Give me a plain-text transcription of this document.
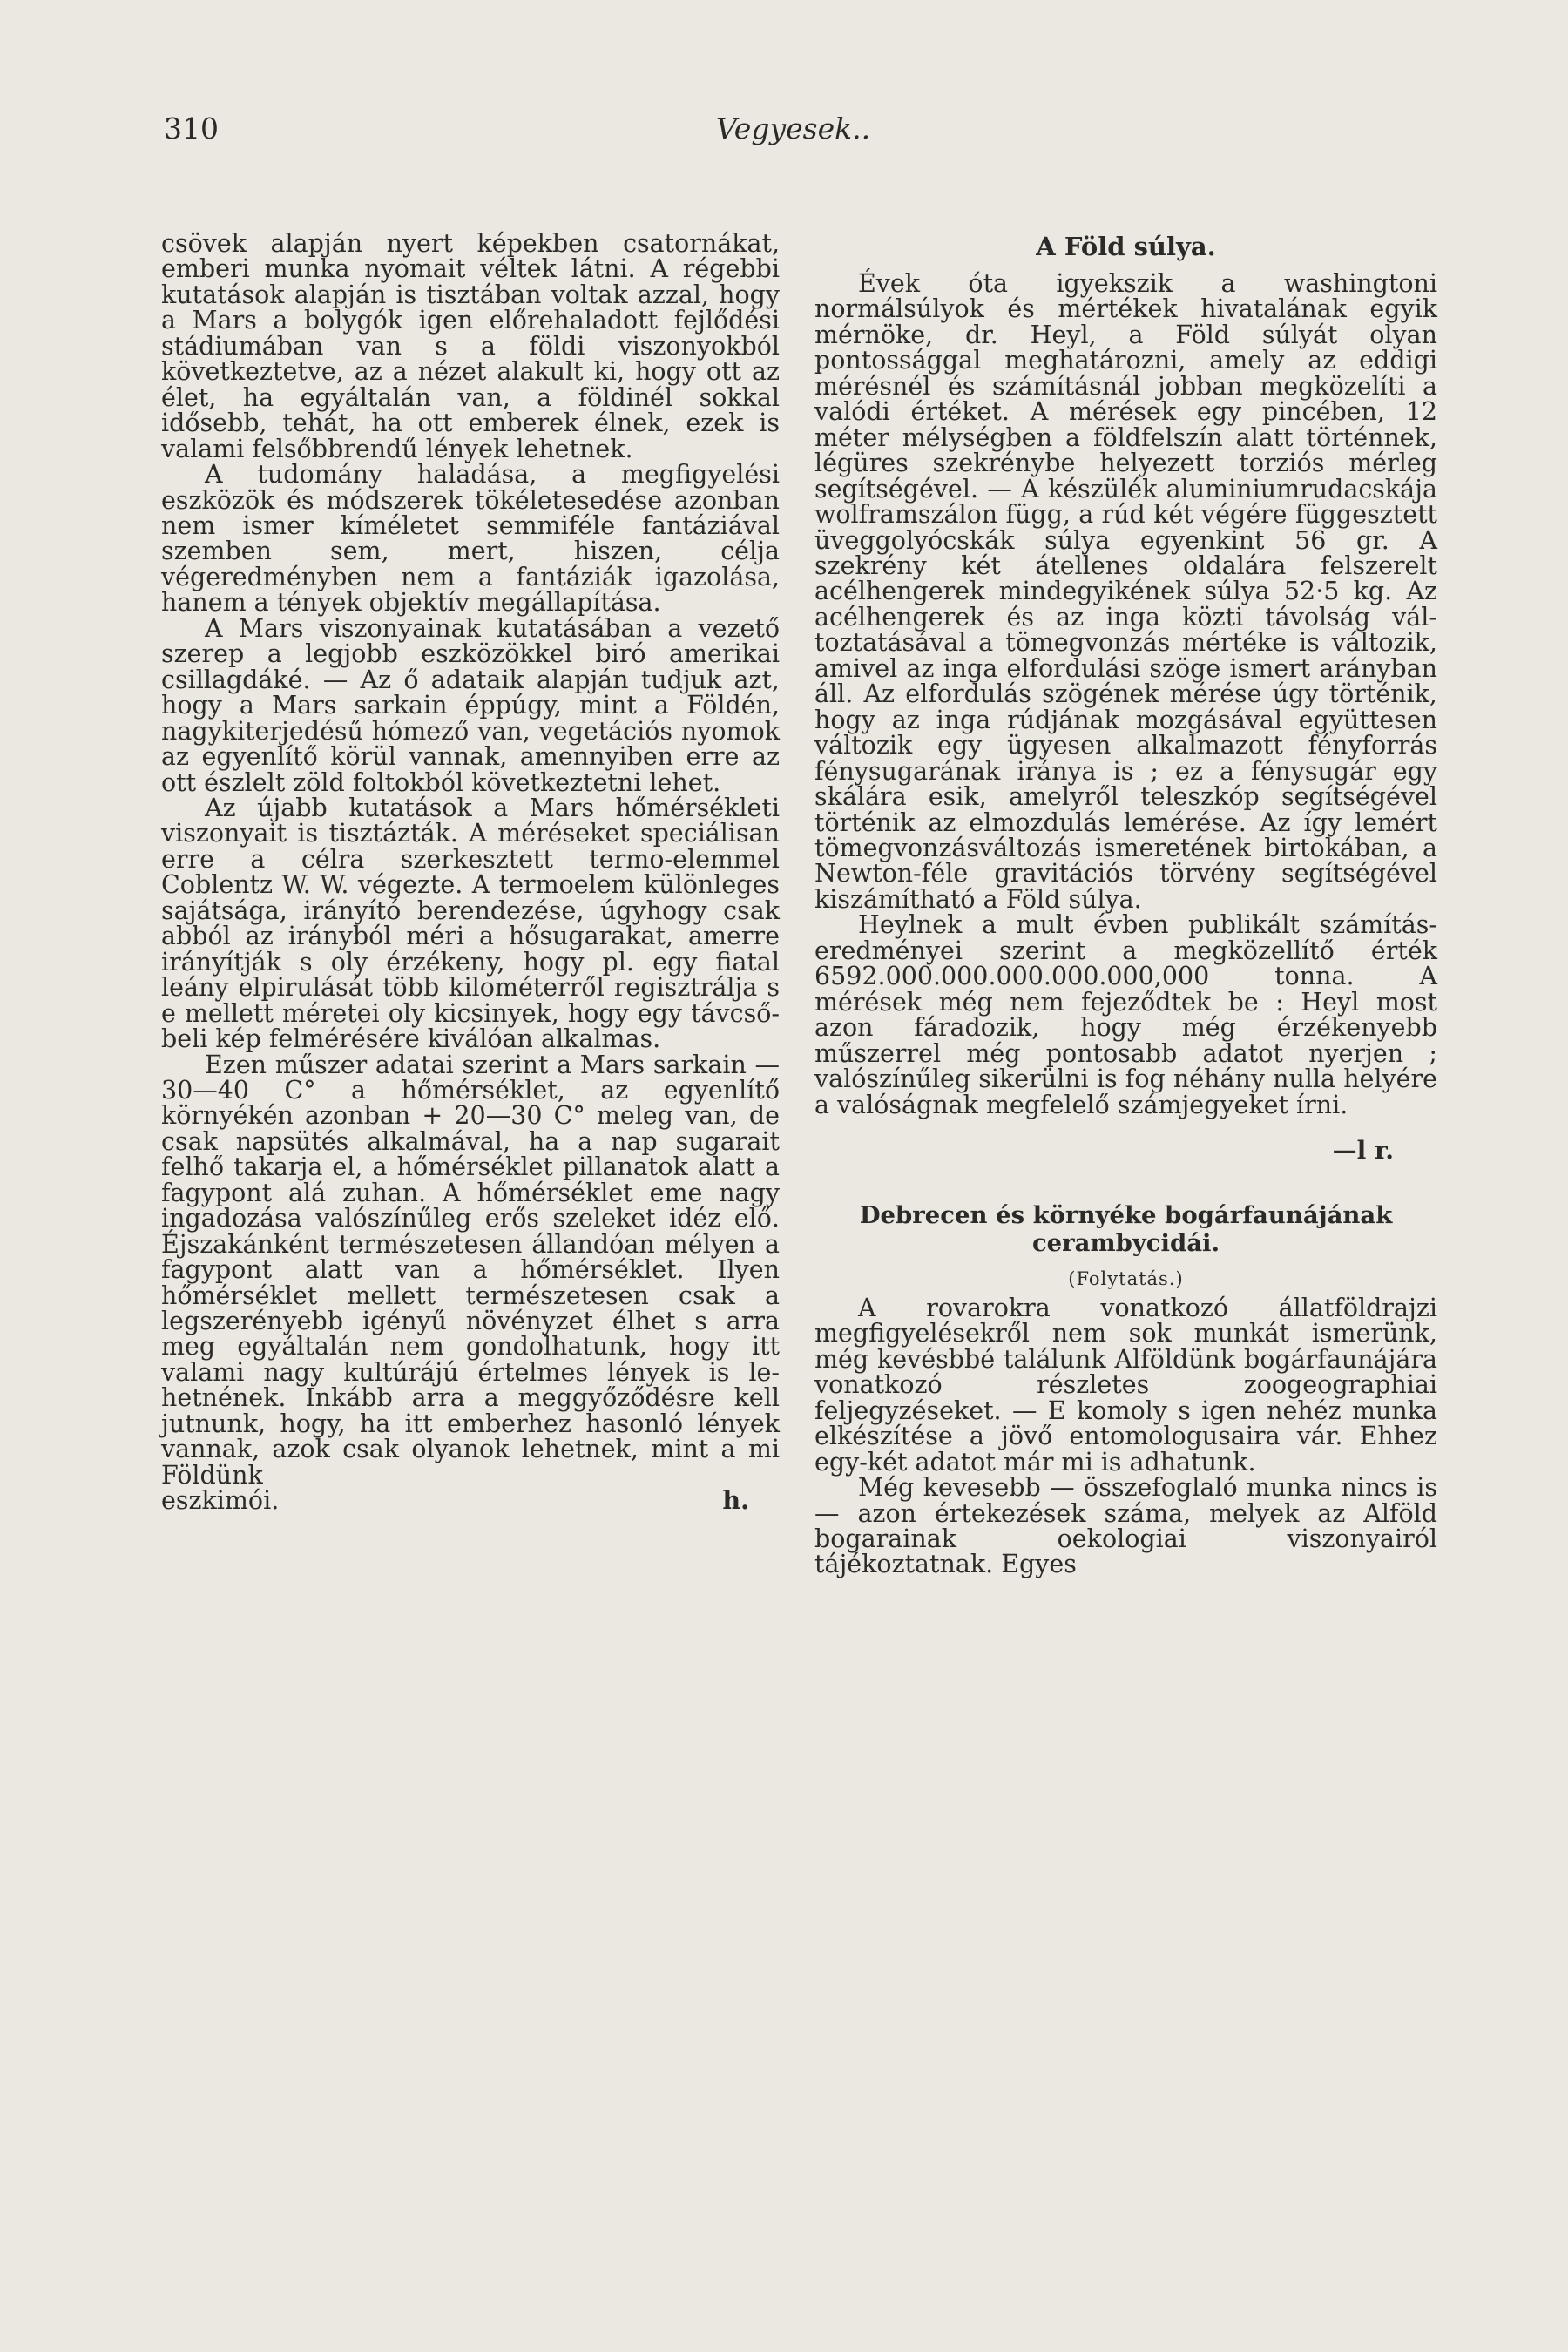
310	Vegyesek..

csövek alapján nyert képekben csatornákat, emberi munka nyomait véltek látni. A régebbi kutatások alapján is tisztában voltak azzal, hogy a Mars a bolygók igen előrehaladott fejlődési stádiumában van s a földi viszonyokból következtetve, az a nézet alakult ki, hogy ott az élet, ha egyáltalán van, a földinél sokkal idősebb, tehát, ha ott emberek élnek, ezek is valami felsőbbrendű lények lehetnek.

A tudomány haladása, a megfigyelési eszközök és módszerek tökéletesedése azonban nem ismer kíméletet semmiféle fantáziával szemben sem, mert, hiszen, célja végeredményben nem a fantáziák igazolása, hanem a tények objektív megállapítása.

A Mars viszonyainak kutatásában a vezető szerep a legjobb eszközökkel biró amerikai csillagdáké. — Az ő adataik alapján tudjuk azt, hogy a Mars sarkain éppúgy, mint a Földén, nagykiterjedésű hómező van, vegetációs nyomok az egyenlítő körül vannak, amennyiben erre az ott észlelt zöld foltokból következtetni lehet.

Az újabb kutatások a Mars hőmérsékleti viszonyait is tisztázták. A méréseket speciálisan erre a célra szerkesztett termo-elemmel Coblentz W. W. végezte. A termoelem különleges sajátsága, irányító berendezése, úgyhogy csak abból az irányból méri a hősugarakat, amerre irányítják s oly érzékeny, hogy pl. egy fiatal leány elpirulását több kilométerről regisztrálja s e mellett méretei oly kicsinyek, hogy egy távcsőbeli kép felmérésére kiválóan alkalmas.

Ezen műszer adatai szerint a Mars sarkain — 30—40 C° a hőmérséklet, az egyenlítő környékén azonban + 20—30 C° meleg van, de csak napsütés alkalmával, ha a nap sugarait felhő takarja el, a hőmérséklet pillanatok alatt a fagypont alá zuhan. A hőmérséklet eme nagy ingadozása valószínűleg erős szeleket idéz elő. Éjszakánként természetesen állandóan mélyen a fagypont alatt van a hőmérséklet. Ilyen hőmérséklet mellett természetesen csak a legszerényebb igényű növényzet élhet s arra meg egyáltalán nem gondolhatunk, hogy itt valami nagy kultúrájú értelmes lények is lehetnének. Inkább arra a meggyőződésre kell jutnunk, hogy, ha itt emberhez hasonló lények vannak, azok csak olyanok lehetnek, mint a mi Földünk

eszkimói.	h.

A Föld súlya.

Évek óta igyekszik a washingtoni normálsúlyok és mértékek hivatalának egyik mérnöke, dr. Heyl, a Föld súlyát olyan pontossággal meghatározni, amely az eddigi mérésnél és számításnál jobban megközelíti a valódi értéket. A mérések egy pincében, 12 méter mélységben a földfelszín alatt történnek, légüres szekrénybe helyezett torziós mérleg segítségével. — A készülék aluminiumrudacskája wolframszálon függ, a rúd két végére függesztett üveggolyócskák súlya egyenkint 56 gr. A szekrény két átellenes oldalára felszerelt acélhengerek mindegyikének súlya 52·5 kg. Az acélhengerek és az inga közti távolság változtatásával a tömegvonzás mértéke is változik, amivel az inga elfordulási szöge ismert arányban áll. Az elfordulás szögének mérése úgy történik, hogy az inga rúdjának mozgásával együttesen változik egy ügyesen alkalmazott fényforrás fénysugarának iránya is ; ez a fénysugár egy skálára esik, amelyről teleszkóp segítségével történik az elmozdulás lemérése. Az így lemért tömegvonzásváltozás ismeretének birtokában, a Newton-féle gravitációs törvény segítségével kiszámítható a Föld súlya.

Heylnek a mult évben publikált számítás-eredményei szerint a megközellítő érték 6592.000.000.000.000.000,000 tonna. A mérések még nem fejeződtek be : Heyl most azon fáradozik, hogy még érzékenyebb műszerrel még pontosabb adatot nyerjen ; valószínűleg sikerülni is fog néhány nulla helyére a valóságnak megfelelő számjegyeket írni.

—l r.
Debrecen és környéke bogárfaunájának cerambycidái.
(Folytatás.)

A rovarokra vonatkozó állatföldrajzi megfigyelésekről nem sok munkát ismerünk, még kevésbbé találunk Alföldünk bogárfaunájára vonatkozó részletes zoogeographiai feljegyzéseket. — E komoly s igen nehéz munka elkészítése a jövő entomologusaira vár. Ehhez egy-két adatot már mi is adhatunk.

Még kevesebb — összefoglaló munka nincs is — azon értekezések száma, melyek az Alföld bogarainak oekologiai viszonyairól tájékoztatnak. Egyes
